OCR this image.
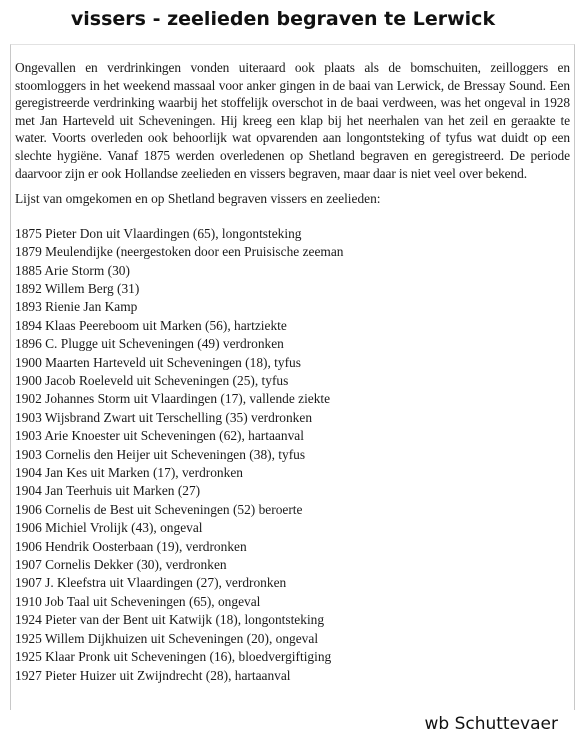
vissers - zeelieden begraven te Lerwick

Ongevallen en verdrinkingen vonden uiteraard ook plaats als de bomschuiten, zeilloggers en stoomloggers in het weekend massaal voor anker gingen in de baai van Lerwick, de Bressay Sound. Een geregistreerde verdrinking waarbij het stoffelijk overschot in de baai verdween, was het ongeval in 1928 met Jan Harteveld uit Scheveningen. Hij kreeg een klap bij het neerhalen van het zeil en geraakte te water. Voorts overleden ook behoorlijk wat opvarenden aan longontsteking of tyfus wat duidt op een slechte hygiëne. Vanaf 1875 werden overledenen op Shetland begraven en geregistreerd. De periode daarvoor zijn er ook Hollandse zeelieden en vissers begraven, maar daar is niet veel over bekend.

Lijst van omgekomen en op Shetland begraven vissers en zeelieden:

1875 Pieter Don uit Vlaardingen (65), longontsteking
1879 Meulendijke (neergestoken door een Pruisische zeeman
1885 Arie Storm (30)
1892 Willem Berg (31)
1893 Rienie Jan Kamp
1894 Klaas Peereboom uit Marken (56), hartziekte
1896 C. Plugge uit Scheveningen (49) verdronken
1900 Maarten Harteveld uit Scheveningen (18), tyfus
1900 Jacob Roeleveld uit Scheveningen (25), tyfus
1902 Johannes Storm uit Vlaardingen (17), vallende ziekte
1903 Wijsbrand Zwart uit Terschelling (35) verdronken
1903 Arie Knoester uit Scheveningen (62), hartaanval
1903 Cornelis den Heijer uit Scheveningen (38), tyfus
1904 Jan Kes uit Marken (17), verdronken
1904 Jan Teerhuis uit Marken (27)
1906 Cornelis de Best uit Scheveningen (52) beroerte
1906 Michiel Vrolijk (43), ongeval
1906 Hendrik Oosterbaan (19), verdronken
1907 Cornelis Dekker (30), verdronken
1907 J. Kleefstra uit Vlaardingen (27), verdronken
1910 Job Taal uit Scheveningen (65), ongeval
1924 Pieter van der Bent uit Katwijk (18), longontsteking
1925 Willem Dijkhuizen uit Scheveningen (20), ongeval
1925 Klaar Pronk uit Scheveningen (16), bloedvergiftiging
1927 Pieter Huizer uit Zwijndrecht (28), hartaanval
wb Schuttevaer
